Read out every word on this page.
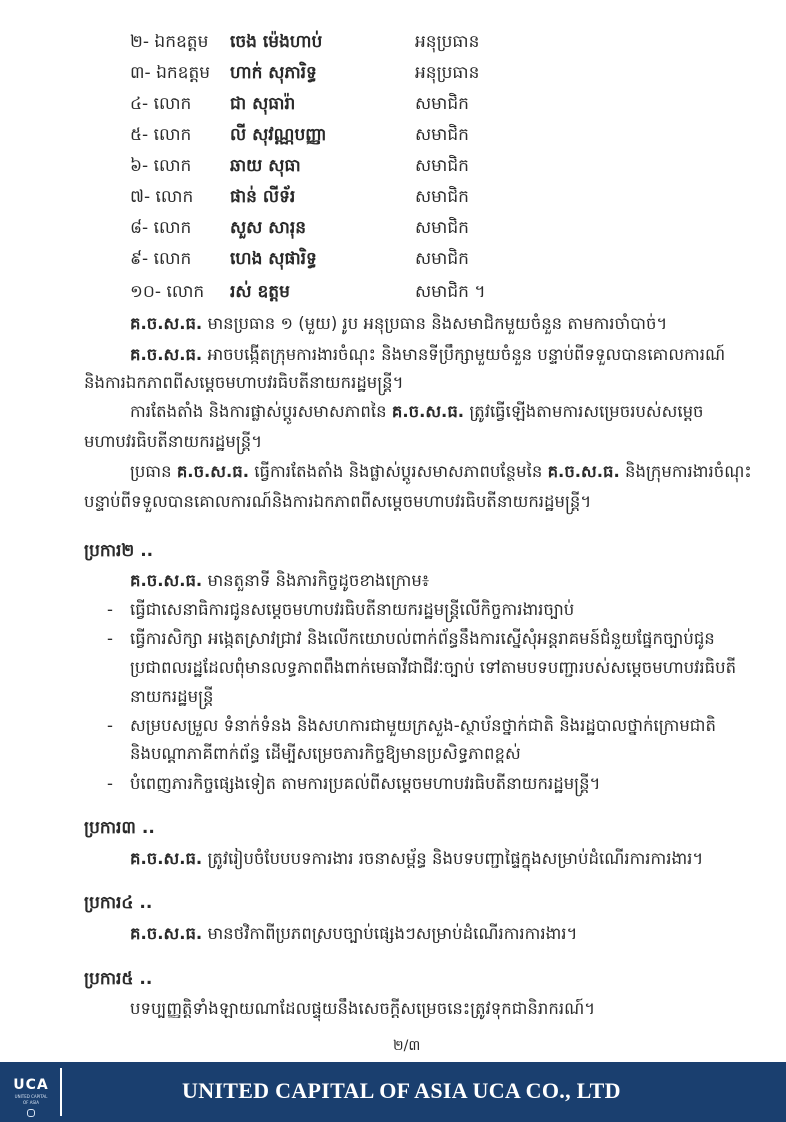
២- ឯកឧត្តម ចេង ម៉េងហាប់	អនុប្រធាន
៣- ឯកឧត្តម ហាក់ សុភារិទ្ធ	អនុប្រធាន
៤- លោក ជា សុធារ៉ា	សមាជិក
៥- លោក លី សុវណ្ណបញ្ញា	សមាជិក
៦- លោក ឆាយ សុធា	សមាជិក
៧- លោក ផាន់ លីទ័រ	សមាជិក
៨- លោក សួស សារុន	សមាជិក
៩- លោក ហេង សុផារិទ្ធ	សមាជិក
១០- លោក រស់ ឧត្តម	សមាជិក ។
គ.ច.ស.ធ. មានប្រធាន ១ (មួយ) រូប អនុប្រធាន និងសមាជិកមួយចំនួន តាមការចាំបាច់។
គ.ច.ស.ធ. អាចបង្កើតក្រុមការងារចំណុះ និងមានទីប្រឹក្សាមួយចំនួន បន្ទាប់ពីទទួលបានគោលការណ៍
និងការឯកភាពពីសម្តេចមហាបវរធិបតីនាយករដ្ឋមន្ត្រី។
ការតែងតាំង និងការផ្លាស់ប្តូរសមាសភាពនៃ គ.ច.ស.ធ. ត្រូវធ្វើឡើងតាមការសម្រេចរបស់សម្តេច
មហាបវរធិបតីនាយករដ្ឋមន្ត្រី។
ប្រធាន គ.ច.ស.ធ. ធ្វើការតែងតាំង និងផ្លាស់ប្តូរសមាសភាពបន្ថែមនៃ គ.ច.ស.ធ. និងក្រុមការងារចំណុះ
បន្ទាប់ពីទទួលបានគោលការណ៍និងការឯកភាពពីសម្តេចមហាបវរធិបតីនាយករដ្ឋមន្ត្រី។
ប្រការ២ ..
គ.ច.ស.ធ. មានតួនាទី និងភារកិច្ចដូចខាងក្រោម៖
- ធ្វើជាសេនាធិការជូនសម្តេចមហាបវរធិបតីនាយករដ្ឋមន្ត្រីលើកិច្ចការងារច្បាប់
- ធ្វើការសិក្សា អង្កេតស្រាវជ្រាវ និងលើកយោបល់ពាក់ព័ន្ធនឹងការស្នើសុំអន្តរាគមន៍ជំនួយផ្នែកច្បាប់ជូន
ប្រជាពលរដ្ឋដែលពុំមានលទ្ធភាពពឹងពាក់មេធាវីជាជីវៈច្បាប់ ទៅតាមបទបញ្ជារបស់សម្តេចមហាបវរធិបតី
នាយករដ្ឋមន្ត្រី
- សម្របសម្រួល ទំនាក់ទំនង និងសហការជាមួយក្រសួង-ស្ថាប័នថ្នាក់ជាតិ និងរដ្ឋបាលថ្នាក់ក្រោមជាតិ
និងបណ្តាភាគីពាក់ព័ន្ធ ដើម្បីសម្រេចភារកិច្ចឱ្យមានប្រសិទ្ធភាពខ្ពស់
- បំពេញភារកិច្ចផ្សេងទៀត តាមការប្រគល់ពីសម្តេចមហាបវរធិបតីនាយករដ្ឋមន្ត្រី។
ប្រការ៣ ..
គ.ច.ស.ធ. ត្រូវរៀបចំបែបបទការងារ រចនាសម្ព័ន្ធ និងបទបញ្ជាផ្ទៃក្នុងសម្រាប់ដំណើរការការងារ។
ប្រការ៤ ..
គ.ច.ស.ធ. មានថវិកាពីប្រភពស្របច្បាប់ផ្សេងៗសម្រាប់ដំណើរការការងារ។
ប្រការ៥ ..
បទប្បញ្ញត្តិទាំងឡាយណាដែលផ្ទុយនឹងសេចក្តីសម្រេចនេះត្រូវទុកជានិរាករណ៍។
២/៣
UCA
UNITED CAPITAL OF ASIA	UNITED CAPITAL OF ASIA UCA CO., LTD
